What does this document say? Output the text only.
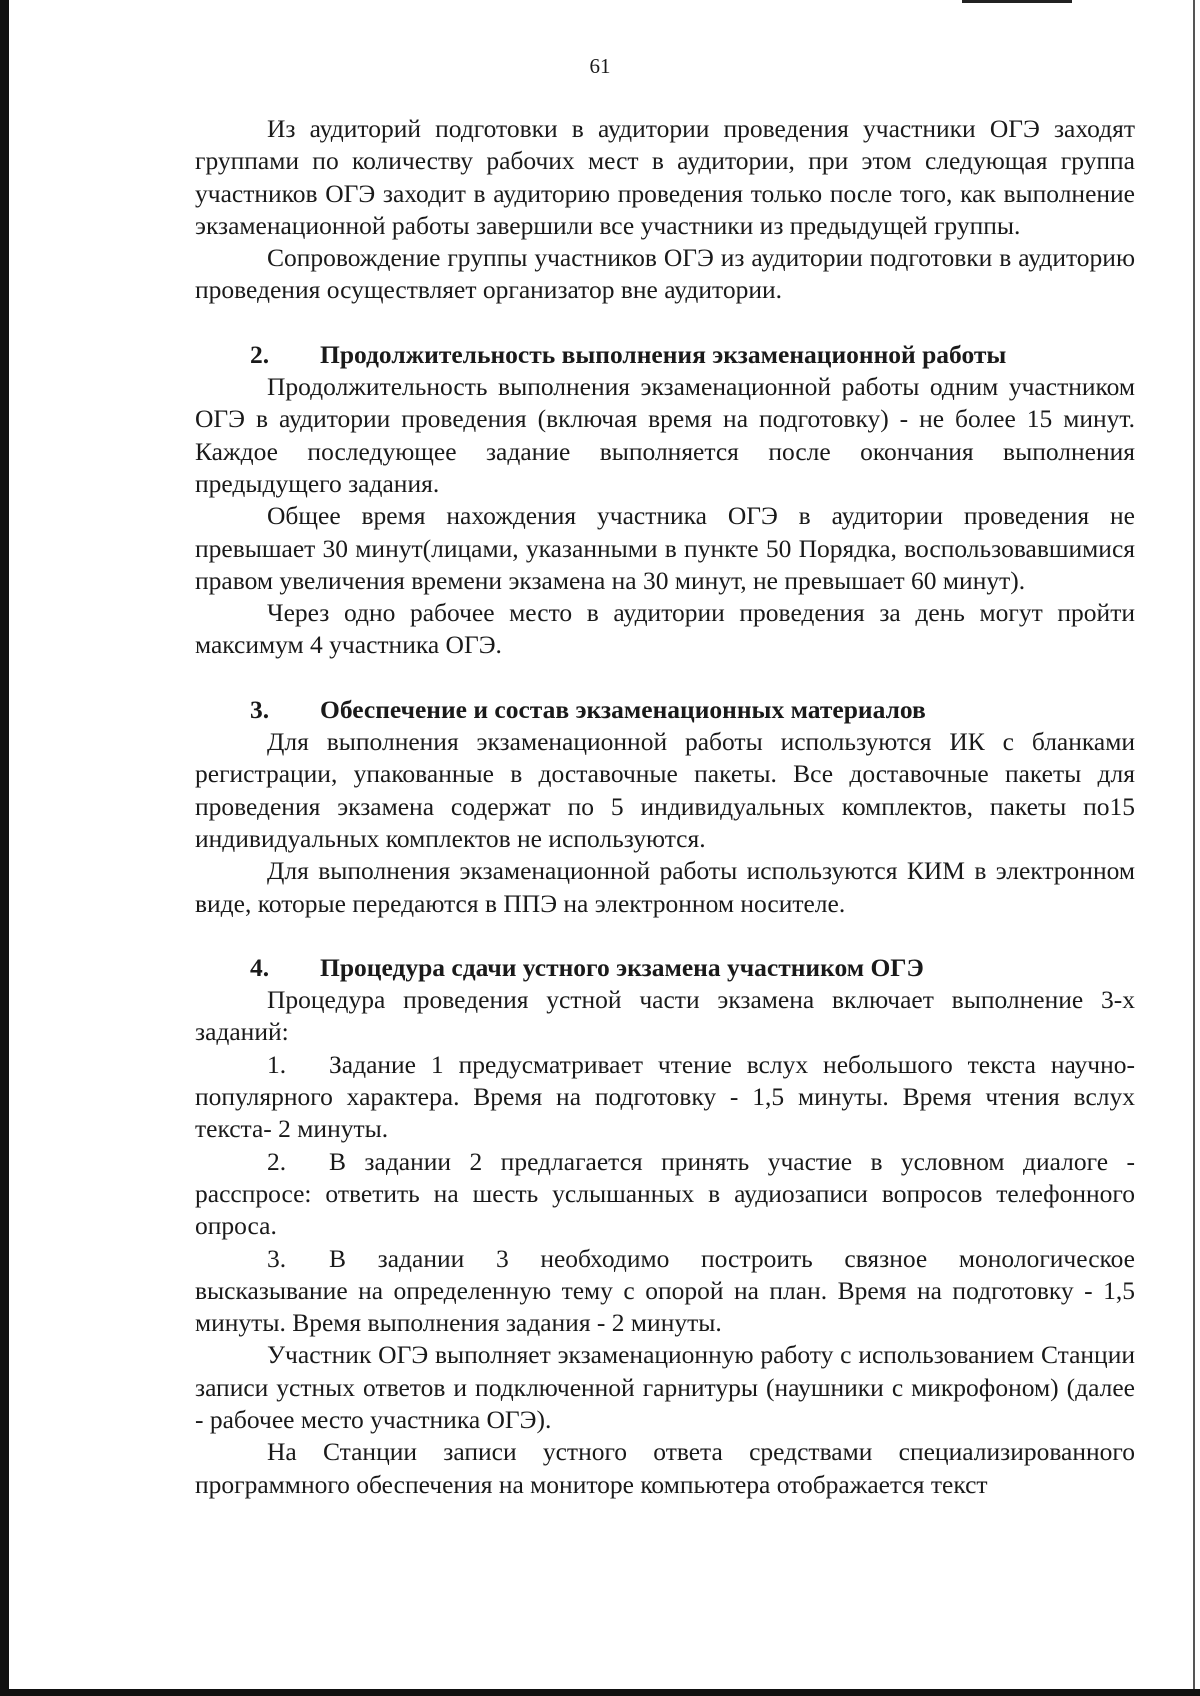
61

Из аудиторий подготовки в аудитории проведения участники ОГЭ заходят группами по количеству рабочих мест в аудитории, при этом следующая группа участников ОГЭ заходит в аудиторию проведения только после того, как выполнение экзаменационной работы завершили все участники из предыдущей группы.

Сопровождение группы участников ОГЭ из аудитории подготовки в аудиторию проведения осуществляет организатор вне аудитории.

2. Продолжительность выполнения экзаменационной работы

Продолжительность выполнения экзаменационной работы одним участником ОГЭ в аудитории проведения (включая время на подготовку) - не более 15 минут. Каждое последующее задание выполняется после окончания выполнения предыдущего задания.

Общее время нахождения участника ОГЭ в аудитории проведения не превышает 30 минут(лицами, указанными в пункте 50 Порядка, воспользовавшимися правом увеличения времени экзамена на 30 минут, не превышает 60 минут).

Через одно рабочее место в аудитории проведения за день могут пройти максимум 4 участника ОГЭ.

3. Обеспечение и состав экзаменационных материалов

Для выполнения экзаменационной работы используются ИК с бланками регистрации, упакованные в доставочные пакеты. Все доставочные пакеты для проведения экзамена содержат по 5 индивидуальных комплектов, пакеты по15 индивидуальных комплектов не используются.

Для выполнения экзаменационной работы используются КИМ в электронном виде, которые передаются в ППЭ на электронном носителе.

4. Процедура сдачи устного экзамена участником ОГЭ

Процедура проведения устной части экзамена включает выполнение 3-х заданий:

1. Задание 1 предусматривает чтение вслух небольшого текста научно-популярного характера. Время на подготовку - 1,5 минуты. Время чтения вслух текста- 2 минуты.

2. В задании 2 предлагается принять участие в условном диалоге - расспросе: ответить на шесть услышанных в аудиозаписи вопросов телефонного опроса.

3. В задании 3 необходимо построить связное монологическое высказывание на определенную тему с опорой на план. Время на подготовку - 1,5 минуты. Время выполнения задания - 2 минуты.

Участник ОГЭ выполняет экзаменационную работу с использованием Станции записи устных ответов и подключенной гарнитуры (наушники с микрофоном) (далее - рабочее место участника ОГЭ).

На Станции записи устного ответа средствами специализированного программного обеспечения на мониторе компьютера отображается текст
